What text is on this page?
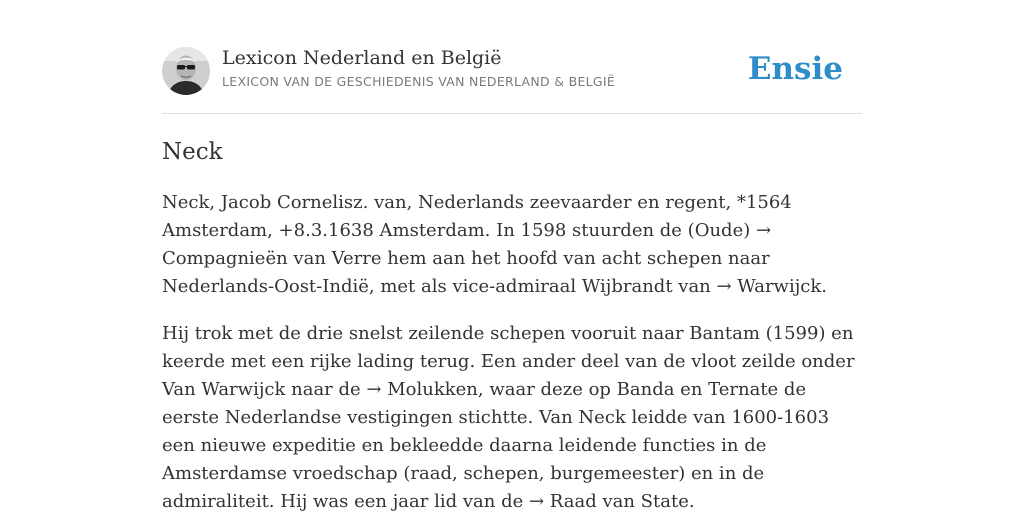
Lexicon Nederland en België
LEXICON VAN DE GESCHIEDENIS VAN NEDERLAND & BELGIË	Ensie
Neck

Neck, Jacob Cornelisz. van, Nederlands zeevaarder en regent, *1564 Amsterdam, +8.3.1638 Amsterdam. In 1598 stuurden de (Oude) → Compagnieën van Verre hem aan het hoofd van acht schepen naar Nederlands-Oost-Indië, met als vice-admiraal Wijbrandt van → Warwijck.

Hij trok met de drie snelst zeilende schepen vooruit naar Bantam (1599) en keerde met een rijke lading terug. Een ander deel van de vloot zeilde onder Van Warwijck naar de → Molukken, waar deze op Banda en Ternate de eerste Nederlandse vestigingen stichtte. Van Neck leidde van 1600-1603 een nieuwe expeditie en bekleedde daarna leidende functies in de Amsterdamse vroedschap (raad, schepen, burgemeester) en in de admiraliteit. Hij was een jaar lid van de → Raad van State.
